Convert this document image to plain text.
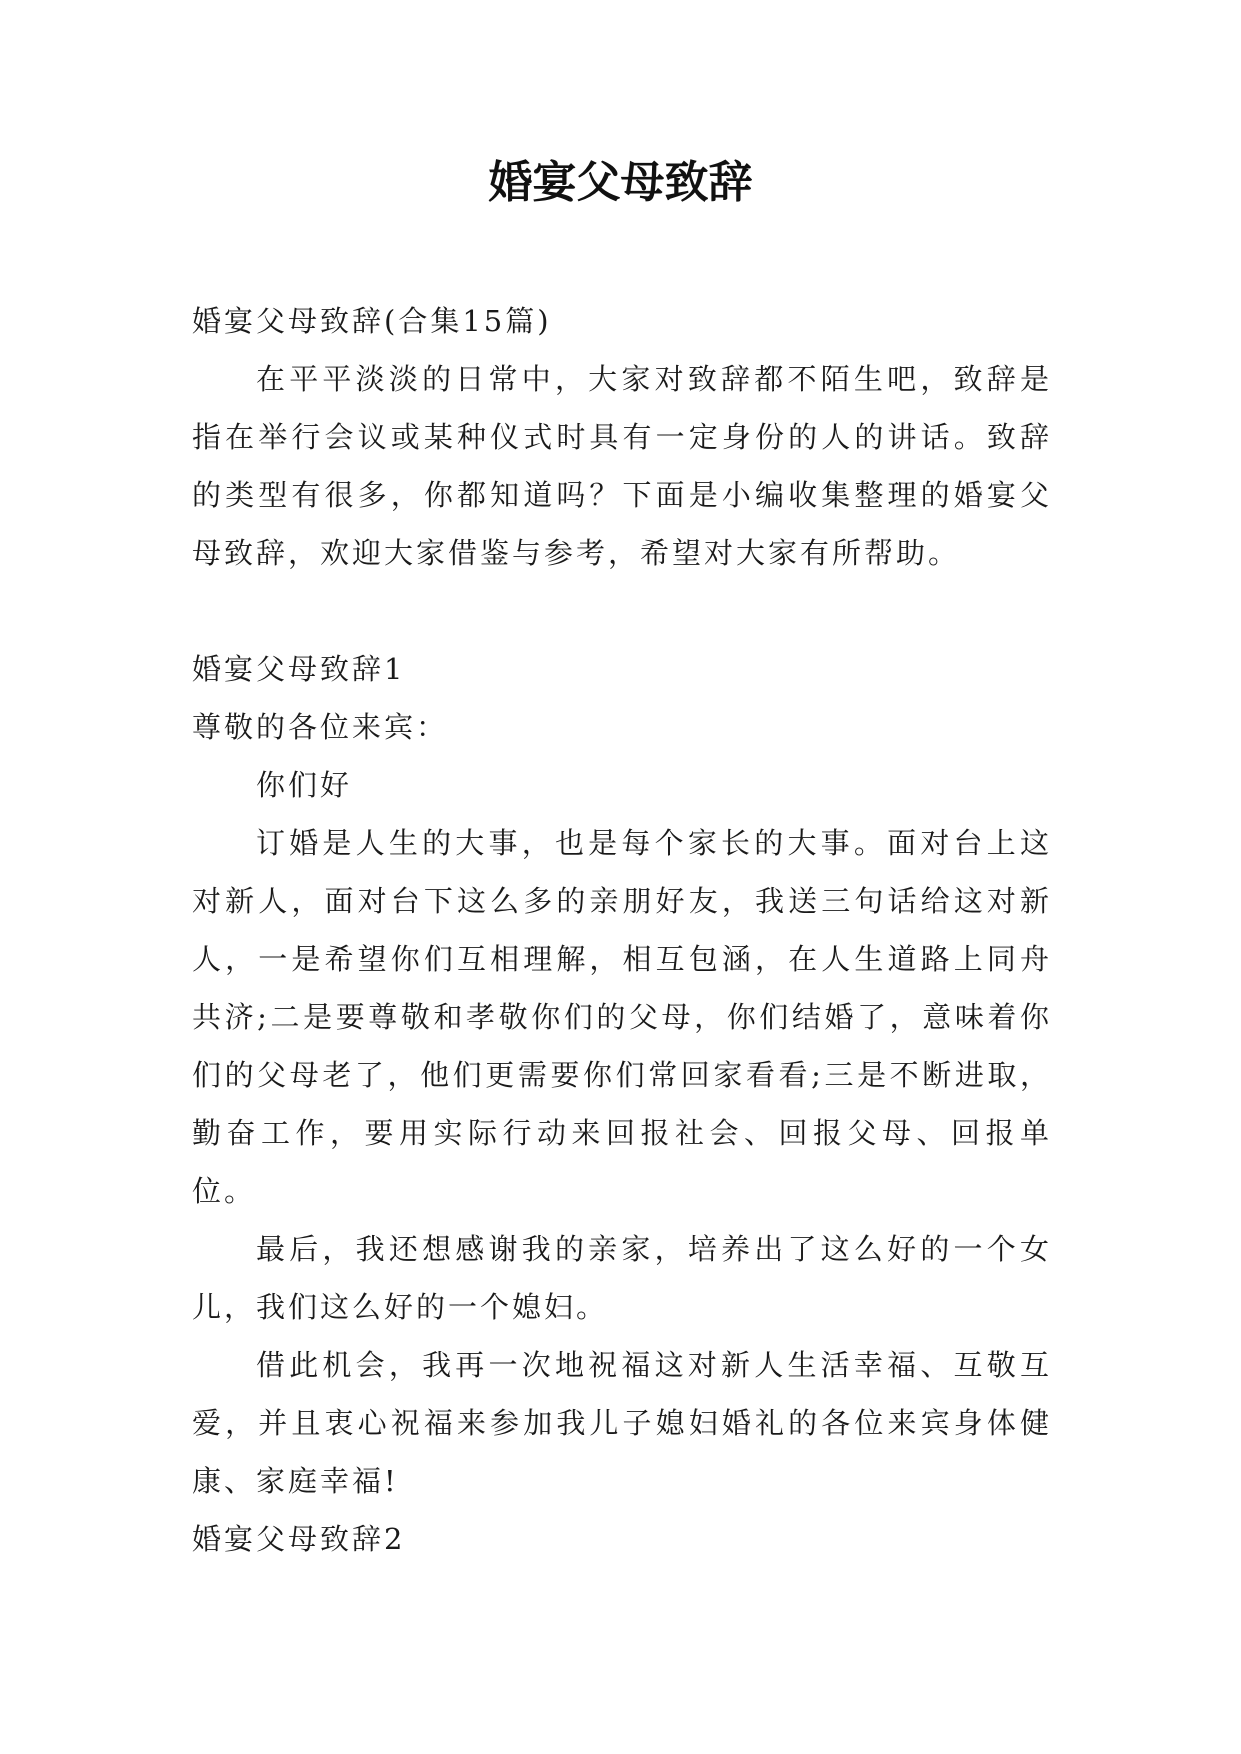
婚宴父母致辞

婚宴父母致辞(合集15篇)

在平平淡淡的日常中，大家对致辞都不陌生吧，致辞是指在举行会议或某种仪式时具有一定身份的人的讲话。致辞的类型有很多，你都知道吗？下面是小编收集整理的婚宴父母致辞，欢迎大家借鉴与参考，希望对大家有所帮助。

婚宴父母致辞1

尊敬的各位来宾：

你们好

订婚是人生的大事，也是每个家长的大事。面对台上这对新人，面对台下这么多的亲朋好友，我送三句话给这对新人，一是希望你们互相理解，相互包涵，在人生道路上同舟共济;二是要尊敬和孝敬你们的父母，你们结婚了，意味着你们的父母老了，他们更需要你们常回家看看;三是不断进取，勤奋工作，要用实际行动来回报社会、回报父母、回报单位。

最后，我还想感谢我的亲家，培养出了这么好的一个女儿，我们这么好的一个媳妇。

借此机会，我再一次地祝福这对新人生活幸福、互敬互爱，并且衷心祝福来参加我儿子媳妇婚礼的各位来宾身体健康、家庭幸福!

婚宴父母致辞2
